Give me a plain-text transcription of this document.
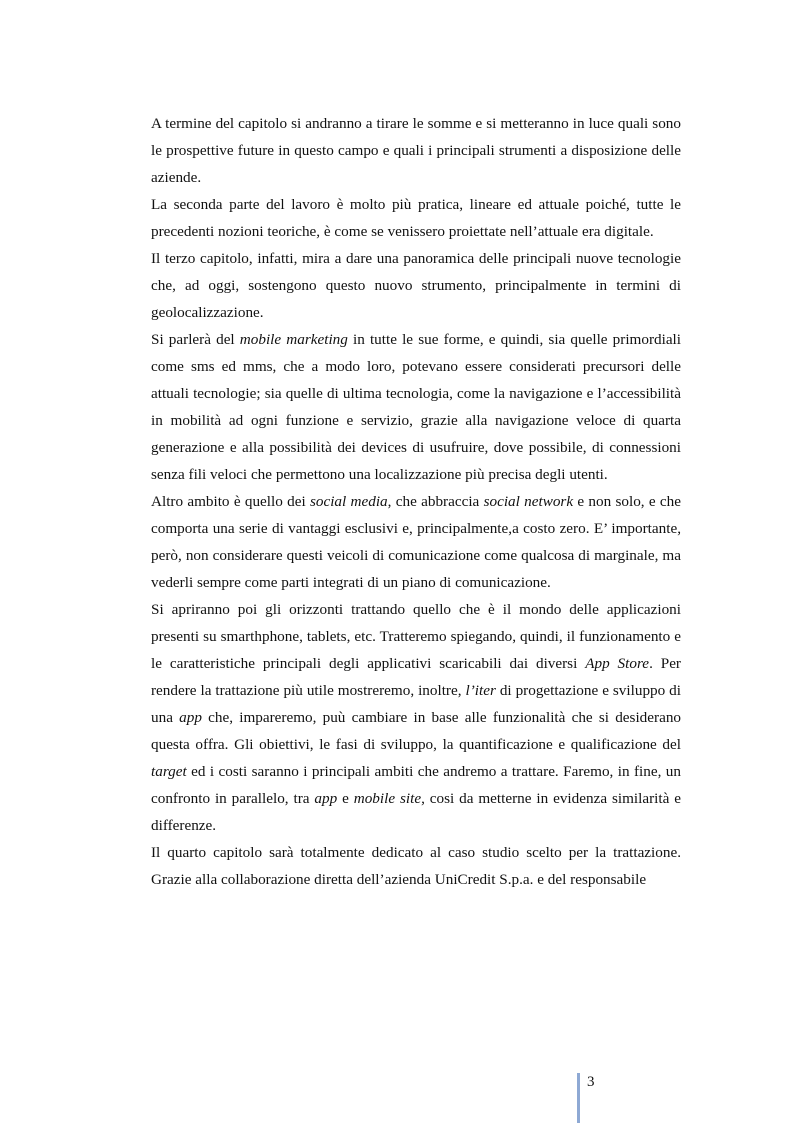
A termine del capitolo si andranno a tirare le somme e si metteranno in luce quali sono le prospettive future in questo campo e quali i principali strumenti a disposizione delle aziende.

La seconda parte del lavoro è molto più pratica, lineare ed attuale poiché, tutte le precedenti nozioni teoriche, è come se venissero proiettate nell’attuale era digitale.

Il terzo capitolo, infatti, mira a dare una panoramica delle principali nuove tecnologie che, ad oggi, sostengono questo nuovo strumento, principalmente in termini di geolocalizzazione.

Si parlerà del mobile marketing in tutte le sue forme, e quindi, sia quelle primordiali come sms ed mms, che a modo loro, potevano essere considerati precursori delle attuali tecnologie; sia quelle di ultima tecnologia, come la navigazione e l’accessibilità in mobilità ad ogni funzione e servizio, grazie alla navigazione veloce di quarta generazione e alla possibilità dei devices di usufruire, dove possibile, di connessioni senza fili veloci che permettono una localizzazione più precisa degli utenti.

Altro ambito è quello dei social media, che abbraccia social network e non solo, e che comporta una serie di vantaggi esclusivi e, principalmente,a costo zero. E’ importante, però, non considerare questi veicoli di comunicazione come qualcosa di marginale, ma vederli sempre come parti integrati di un piano di comunicazione.

Si apriranno poi gli orizzonti trattando quello che è il mondo delle applicazioni presenti su smarthphone, tablets, etc. Tratteremo spiegando, quindi, il funzionamento e le caratteristiche principali degli applicativi scaricabili dai diversi App Store. Per rendere la trattazione più utile mostreremo, inoltre, l’iter di progettazione e sviluppo di una app che, impareremo, puù cambiare in base alle funzionalità che si desiderano questa offra. Gli obiettivi, le fasi di sviluppo, la quantificazione e qualificazione del target ed i costi saranno i principali ambiti che andremo a trattare. Faremo, in fine, un confronto in parallelo, tra app e mobile site, cosi da metterne in evidenza similarità e differenze.

Il quarto capitolo sarà totalmente dedicato al caso studio scelto per la trattazione. Grazie alla collaborazione diretta dell’azienda UniCredit S.p.a. e del responsabile

3
